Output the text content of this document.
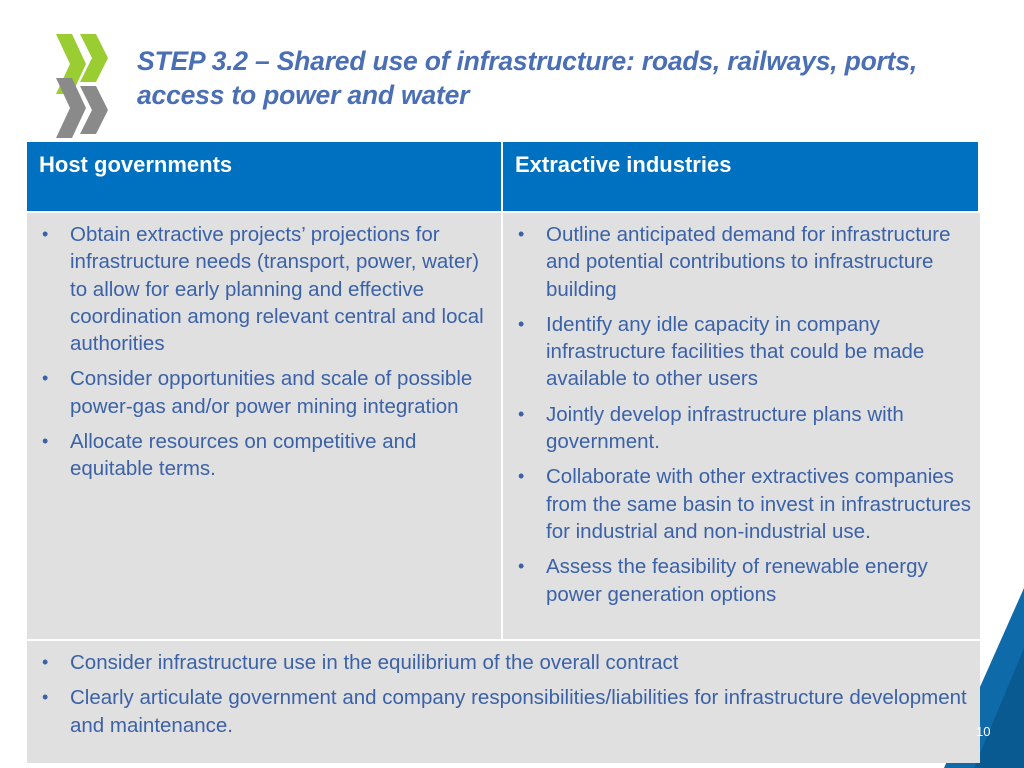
STEP 3.2 – Shared use of infrastructure: roads, railways, ports, access to power and water
Host governments	Extractive industries
• Obtain extractive projects’ projections for infrastructure needs (transport, power, water) to allow for early planning and effective coordination among relevant central and local authorities
• Consider opportunities and scale of possible power-gas and/or power mining integration
• Allocate resources on competitive and equitable terms.
• Outline anticipated demand for infrastructure and potential contributions to infrastructure building
• Identify any idle capacity in company infrastructure facilities that could be made available to other users
• Jointly develop infrastructure plans with government.
• Collaborate with other extractives companies from the same basin to invest in infrastructures for industrial and non-industrial use.
• Assess the feasibility of renewable energy power generation options
• Consider infrastructure use in the equilibrium of the overall contract
• Clearly articulate government and company responsibilities/liabilities for infrastructure development and maintenance.	10
